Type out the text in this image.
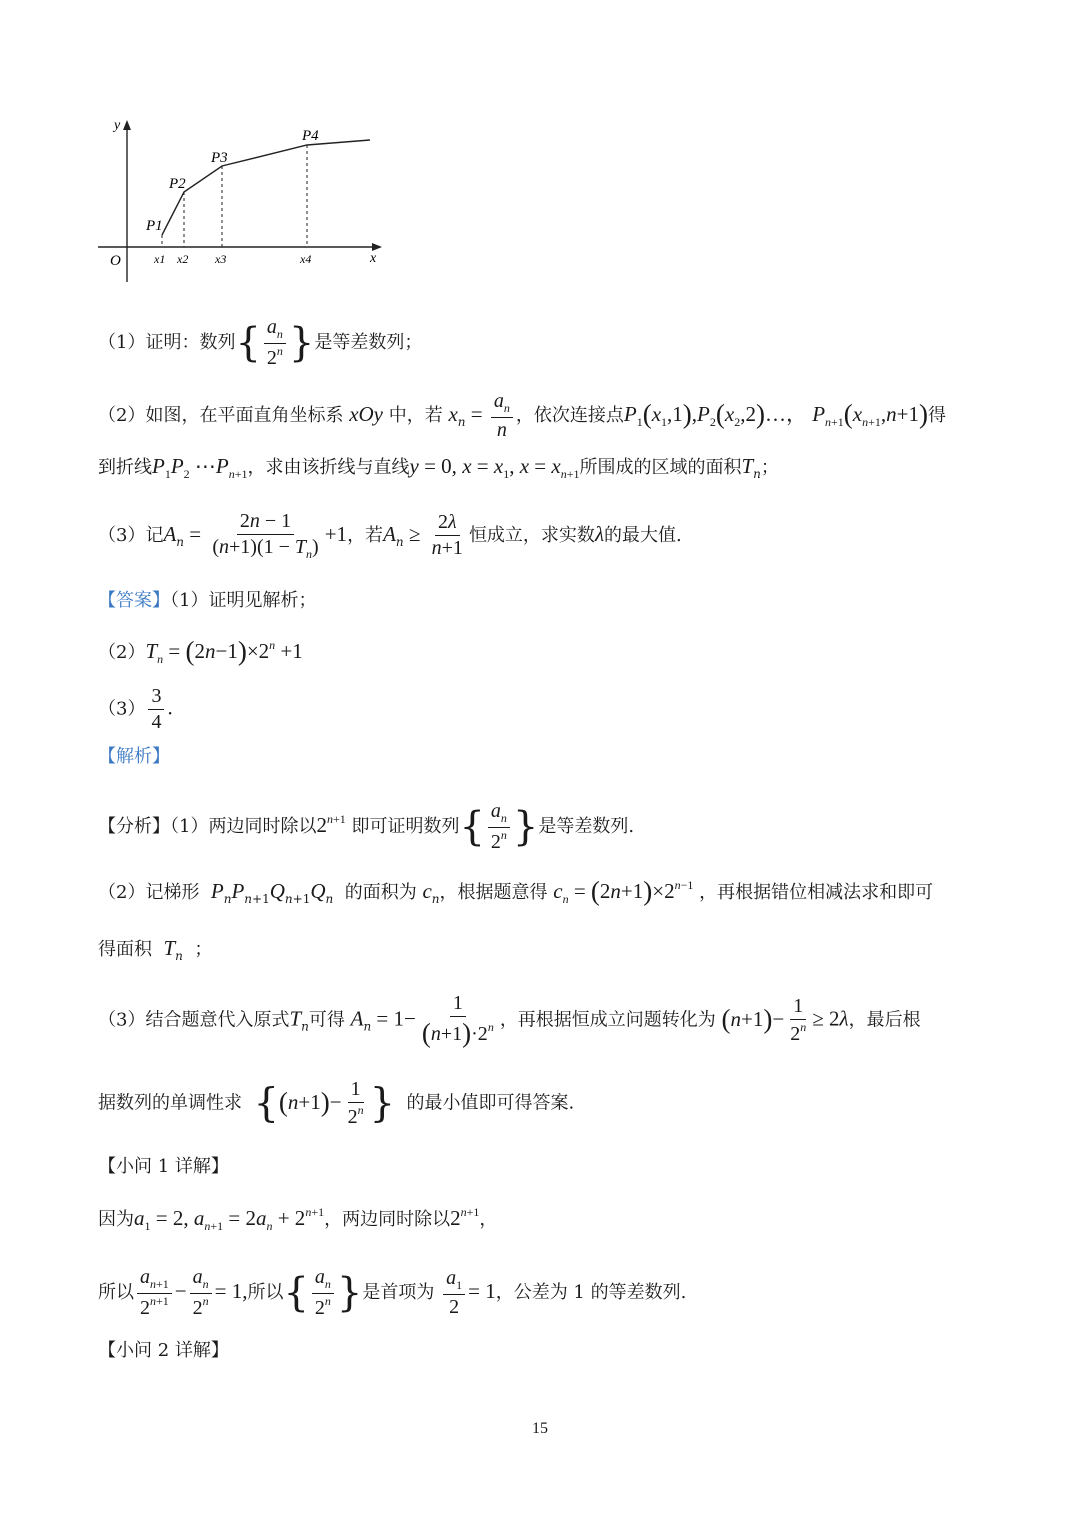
y
x
O
P1
P2
P3
P4
x1 x2 x3	x4
（1）证明：数列{ $\frac{a_n}{2^n}$ }是等差数列；
（2）如图，在平面直角坐标系 xOy 中，若 $x_n = \frac{a_n}{n}$ ，依次连接点$P_1(x_1,1),P_2(x_2,2)\dots$， $P_{n+1}(x_{n+1},n+1)$得
到折线$P_1P_2$ $\cdots P_{n+1}$，求由该折线与直线y = 0, $x = x_1$, $x = x_{n+1}$所围成的区域的面积$T_n$；
（3）记$A_n = \frac{2n - 1}{(n+1)(1 - T_n)} +1$，若$A_n \ge \frac{2\lambda}{n+1}$ 恒成立，求实数λ的最大值.
【答案】（1）证明见解析；
$(2)T_n = (2n-1)\times 2^n +1$
$(3) \frac{3}{4}$ .
【解析】
【分析】（1）两边同时除以$2^{n+1}$ 即可证明数列{ $\frac{a_n}{2^n}$ }是等差数列.
（2）记梯形 $P_nP_{n+1}Q_{n+1}Q_n$ 的面积为 $c_n$，根据题意得 $c_n = (2n+1)\times 2^{n-1}$ ，再根据错位相减法求和即可
得面积 $T_n$ ；
（3）结合题意代入原式$T_n$可得 $A_n = 1- \frac{1}{(n+1)\cdot 2^n}$ ，再根据恒成立问题转化为 $(n+1)- \frac{1}{2^n} \ge 2\lambda$，最后根
据数列的单调性求 {$(n+1)- \frac{1}{2^n}$ } 的最小值即可得答案.
【小问 1 详解】
因为$a_1 = 2$, $a_{n+1} = 2a_n + 2^{n+1}$，两边同时除以$2^{n+1}$，
所以 $\frac{a_{n+1}}{2^{n+1}} - \frac{a_n}{2^n} = 1$,所以{ $\frac{a_n}{2^n}$ }是首项为 $\frac{a_1}{2} = 1$，公差为 1 的等差数列.
【小问 2 详解】
15
